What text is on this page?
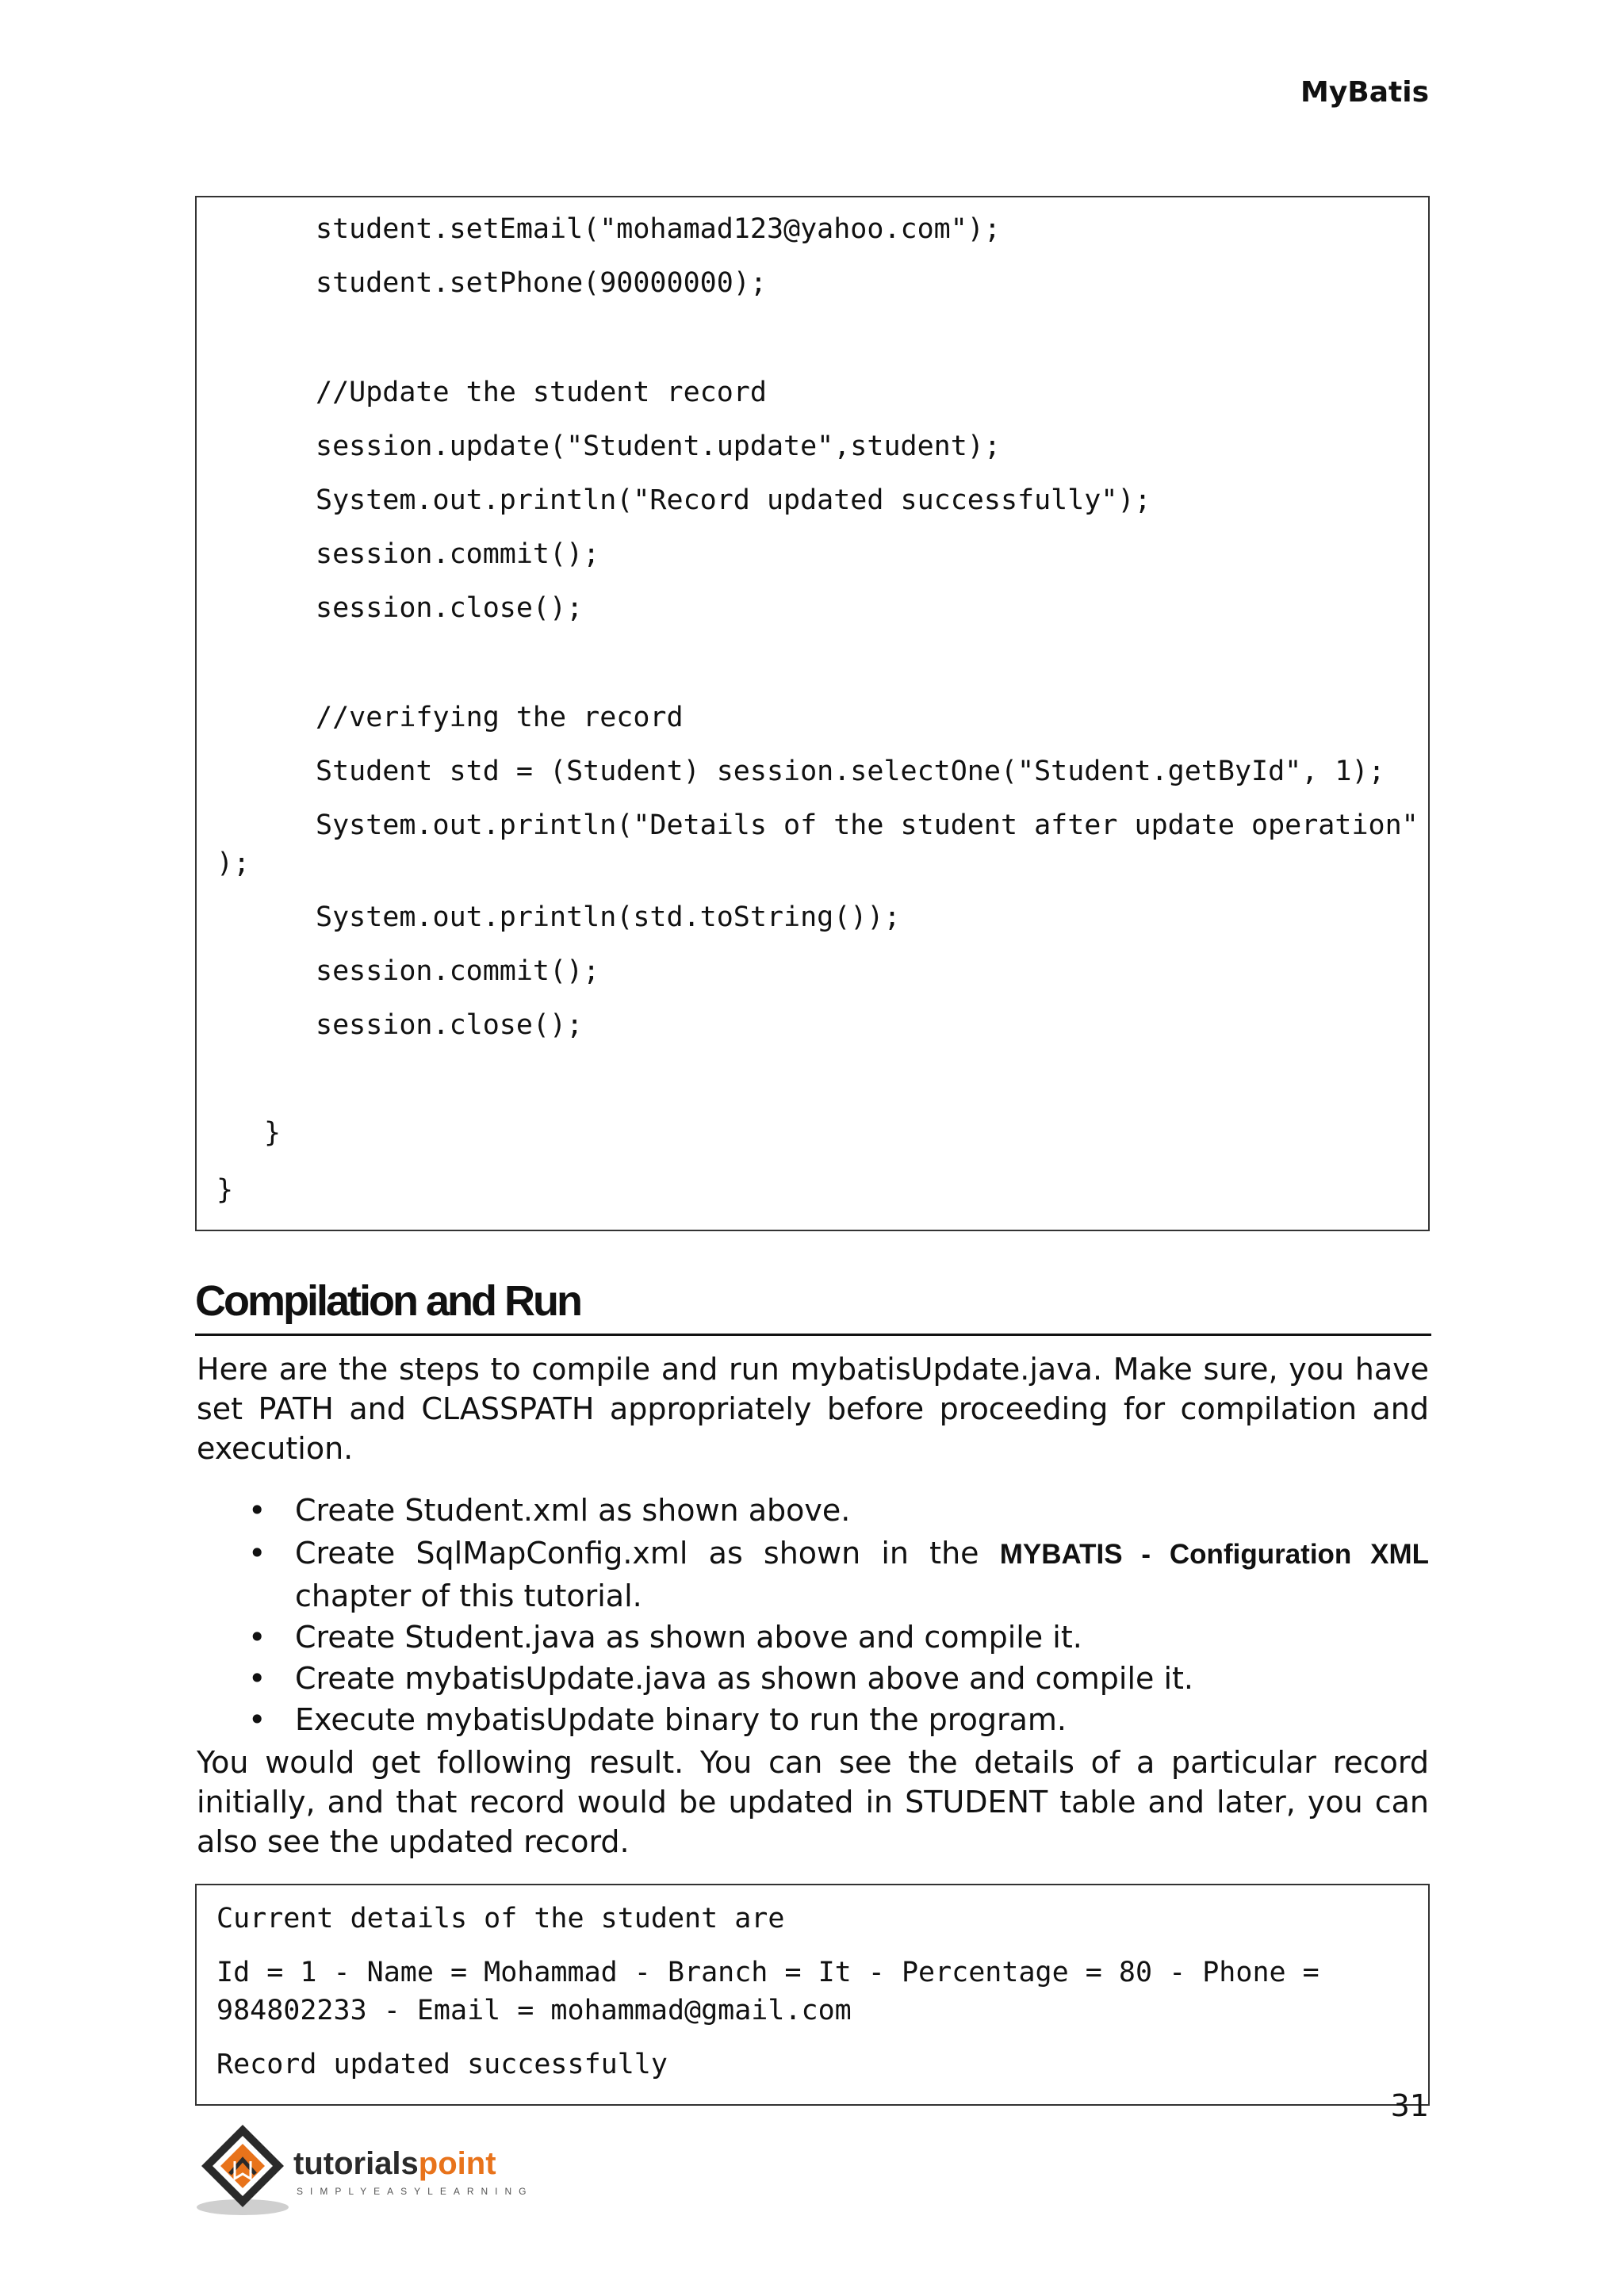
MyBatis
student.setEmail("mohamad123@yahoo.com");
student.setPhone(90000000);
//Update the student record
session.update("Student.update",student);
System.out.println("Record updated successfully");
session.commit();
session.close();
//verifying the record
Student std = (Student) session.selectOne("Student.getById", 1);
System.out.println("Details of the student after update operation"
);
System.out.println(std.toString());
session.commit();
session.close();
}
}
Compilation and Run
Here are the steps to compile and run mybatisUpdate.java. Make sure, you have set PATH and CLASSPATH appropriately before proceeding for compilation and execution.
• Create Student.xml as shown above.
• Create SqlMapConfig.xml as shown in the MYBATIS - Configuration XML chapter of this tutorial.
• Create Student.java as shown above and compile it.
• Create mybatisUpdate.java as shown above and compile it.
• Execute mybatisUpdate binary to run the program.
You would get following result. You can see the details of a particular record initially, and that record would be updated in STUDENT table and later, you can also see the updated record.
Current details of the student are
Id = 1 - Name = Mohammad - Branch = It - Percentage = 80 - Phone =
984802233 - Email = mohammad@gmail.com
Record updated successfully
31
tutorialspoint
SIMPLYEASYLEARNING
